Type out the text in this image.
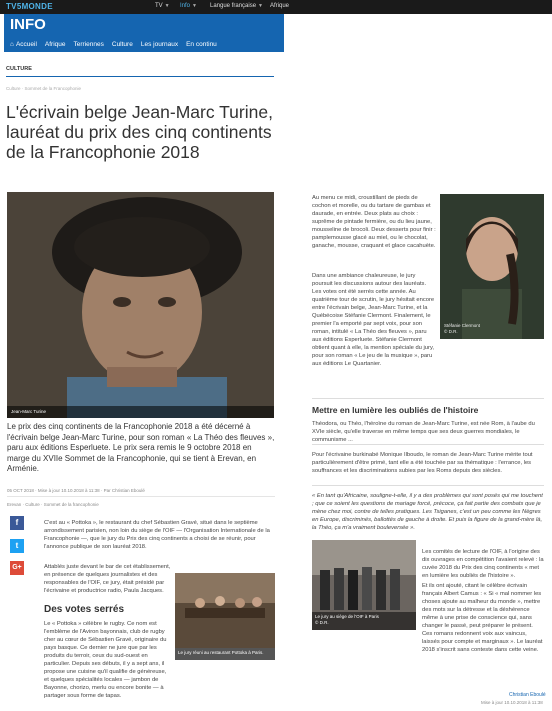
TV5MONDE	TV ▼ Info ▼ Langue française ▼ Afrique
INFO
⌂ Accueil Afrique Terriennes Culture Les journaux En continu
CULTURE
Culture · Sommet de la Francophonie
L'écrivain belge Jean-Marc Turine, lauréat du prix des cinq continents de la Francophonie 2018
Jean-Marc Turine

Le prix des cinq continents de la Francophonie 2018 a été décerné à l'écrivain belge Jean-Marc Turine, pour son roman « La Théo des fleuves », paru aux éditions Esperluete. Le prix sera remis le 9 octobre 2018 en marge du XVIIe Sommet de la Francophonie, qui se tient à Erevan, en Arménie.

05 OCT 2018 · Mise à jour 10.10.2018 à 11:38 · Par Christian Eboulé
Erevan · Culture · Sommet de la francophonie
f
t
G+

C'est au « Pottoka », le restaurant du chef Sébastien Gravé, situé dans le septième arrondissement parisien, non loin du siège de l'OIF — l'Organisation Internationale de la Francophonie —, que le jury du Prix des cinq continents a choisi de se réunir, pour l'annonce publique de son lauréat 2018.

Attablés juste devant le bar de cet établissement, en présence de quelques journalistes et des responsables de l'OIF, ce jury, était présidé par l'écrivaine et productrice radio, Paula Jacques.

Des votes serrés

Le « Pottoka » célèbre le rugby. Ce nom est l'emblème de l'Aviron bayonnais, club de rugby cher au cœur de Sébastien Gravé, originaire du pays basque. Ce dernier ne jure que par les produits du terroir, ceux du sud-ouest en particulier. Depuis ses débuts, il y a sept ans, il propose une cuisine qu'il qualifie de généreuse, et quelques spécialités locales — jambon de Bayonne, chorizo, merlu ou encore bonite — à partager sous forme de tapas.

Le jury réuni au restaurant Pottoka à Paris.

Au menu ce midi, croustillant de pieds de cochon et morelle, ou du tartare de gambas et daurade, en entrée. Deux plats au choix : suprême de pintade fermière, ou du lieu jaune, mousseline de brocoli. Deux desserts pour finir : pamplemousse glacé au miel, ou le chocolat, ganache, mousse, craquant et glace cacahuète.

Dans une ambiance chaleureuse, le jury poursuit les discussions autour des lauréats. Les votes ont été serrés cette année. Au quatrième tour de scrutin, le jury hésitait encore entre l'écrivain belge, Jean-Marc Turine, et la Québécoise Stéfanie Clermont. Finalement, le premier l'a emporté par sept voix, pour son roman, intitulé « La Théo des fleuves », paru aux éditions Esperluete. Stéfanie Clermont obtient quant à elle, la mention spéciale du jury, pour son roman « Le jeu de la musique », paru aux éditions Le Quartanier.

Stéfanie Clermont
© D.R.
Mettre en lumière les oubliés de l'histoire

Théodora, ou Théo, l'héroïne du roman de Jean-Marc Turine, est née Rom, à l'aube du XVIe siècle, qu'elle traverse en même temps que ses deux guerres mondiales, le communisme ...

Pour l'écrivaine burkinabé Monique Ilboudo, le roman de Jean-Marc Turine mérite tout particulièrement d'être primé, tant elle a été touchée par sa thématique : l'errance, les souffrances et les discriminations subies par les Roms depuis des siècles.

« En tant qu'Africaine, souligne-t-elle, il y a des problèmes qui sont posés qui me touchent ; que ce soient les questions de mariage forcé, précoce, ça fait partie des combats que je mène chez moi, contre de telles pratiques. Les Tsiganes, c'est un peu comme les Nègres en Europe, discriminés, ballottés de gauche à droite. Et puis la figure de la grand-mère là, la Théo, ça m'a vraiment bouleversée ».

Le jury au siège de l'OIF à Paris
© D.R.

Les comités de lecture de l'OIF, à l'origine des dix ouvrages en compétition l'avaient relevé : la cuvée 2018 du Prix des cinq continents « met en lumière les oubliés de l'histoire ».

Et ils ont ajouté, citant le célèbre écrivain français Albert Camus : « Si « mal nommer les choses ajoute au malheur du monde », mettre des mots sur la détresse et la déshérence même à une prise de conscience qui, sans changer le passé, peut préparer le présent. Ces romans redonnent voix aux vaincus, laissés pour compte et marginaux ». Le lauréat 2018 s'inscrit sans conteste dans cette veine.

Christian Eboulé
Mise à jour 10.10.2018 à 11:38
